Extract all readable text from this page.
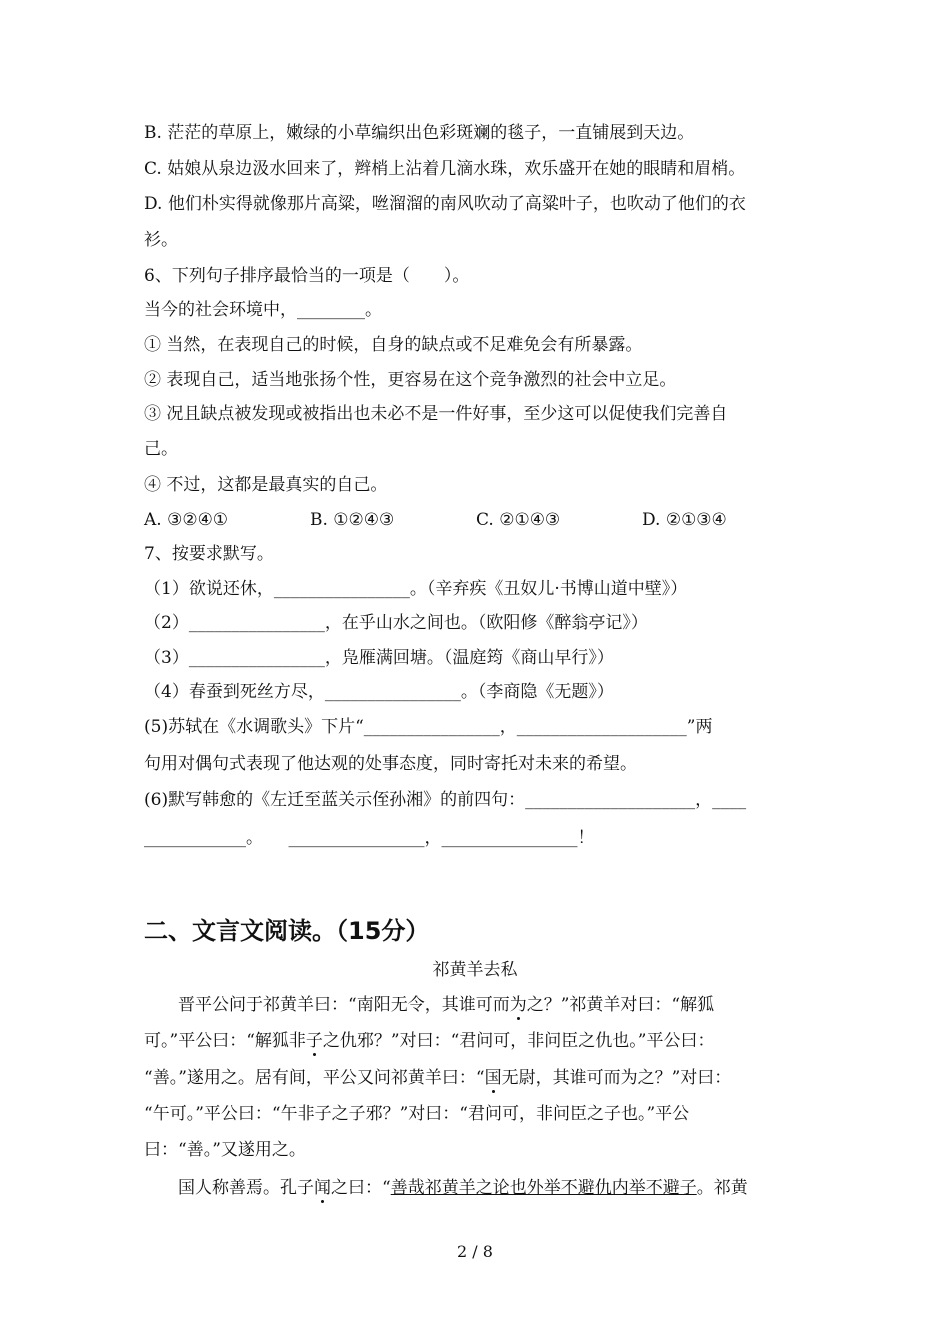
B. 茫茫的草原上，嫩绿的小草编织出色彩斑斓的毯子，一直铺展到天边。
C. 姑娘从泉边汲水回来了，辫梢上沾着几滴水珠，欢乐盛开在她的眼睛和眉梢。
D. 他们朴实得就像那片高粱，咝溜溜的南风吹动了高粱叶子，也吹动了他们的衣
衫。
6、下列句子排序最恰当的一项是（　　）。
当今的社会环境中，________。
① 当然，在表现自己的时候，自身的缺点或不足难免会有所暴露。
② 表现自己，适当地张扬个性，更容易在这个竞争激烈的社会中立足。
③ 况且缺点被发现或被指出也未必不是一件好事，至少这可以促使我们完善自
己。
④ 不过，这都是最真实的自己。
A. ③②④①	B. ①②④③	C. ②①④③	D. ②①③④
7、按要求默写。
（1）欲说还休，________________。（辛弃疾《丑奴儿·书博山道中壁》）
（2）________________，在乎山水之间也。（欧阳修《醉翁亭记》）
（3）________________，凫雁满回塘。（温庭筠《商山早行》）
（4）春蚕到死丝方尽，________________。（李商隐《无题》）
(5)苏轼在《水调歌头》下片“________________，____________________”两
句用对偶句式表现了他达观的处事态度，同时寄托对未来的希望。
(6)默写韩愈的《左迁至蓝关示侄孙湘》的前四句：____________________，____
____________。　　________________，________________！
二、文言文阅读。（15分）
祁黄羊去私
晋平公问于祁黄羊曰：“南阳无令，其谁可而为之？”祁黄羊对曰：“解狐
可。”平公曰：“解狐非子之仇邪？”对曰：“君问可，非问臣之仇也。”平公曰：
“善。”遂用之。居有间，平公又问祁黄羊曰：“国无尉，其谁可而为之？”对曰：
“午可。”平公曰：“午非子之子邪？”对曰：“君问可，非问臣之子也。”平公
曰：“善。”又遂用之。
国人称善焉。孔子闻之曰：“善哉祁黄羊之论也外举不避仇内举不避子。祁黄
2 / 8
